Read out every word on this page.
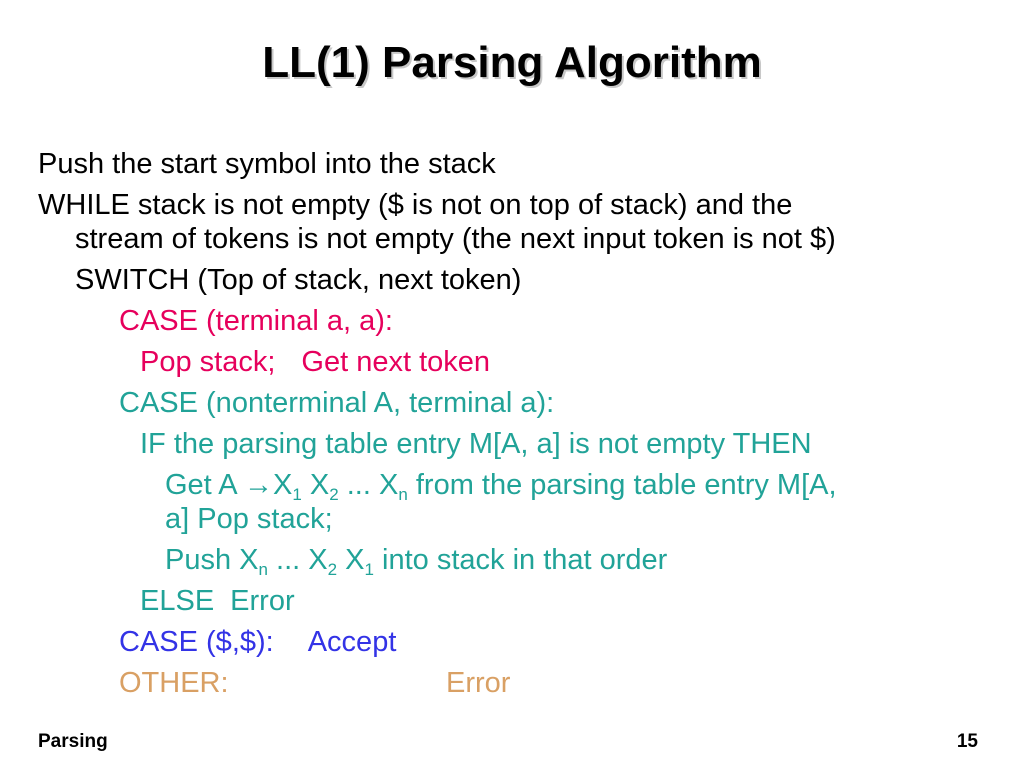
LL(1) Parsing Algorithm
Push the start symbol into the stack
WHILE stack is not empty ($ is not on top of stack) and the
stream of tokens is not empty (the next input token is not $)
SWITCH (Top of stack, next token)
CASE (terminal a, a):
Pop stack; Get next token
CASE (nonterminal A, terminal a):
IF the parsing table entry M[A, a] is not empty THEN
Get $A \to X_1$ $X_2$ ... $X_n$ from the parsing table entry M[A,
a] Pop stack;
Push $X_n$ ... $X_2$ $X_1$ into stack in that order
ELSE Error
CASE ($,$): Accept
OTHER:	Error
Parsing	15
